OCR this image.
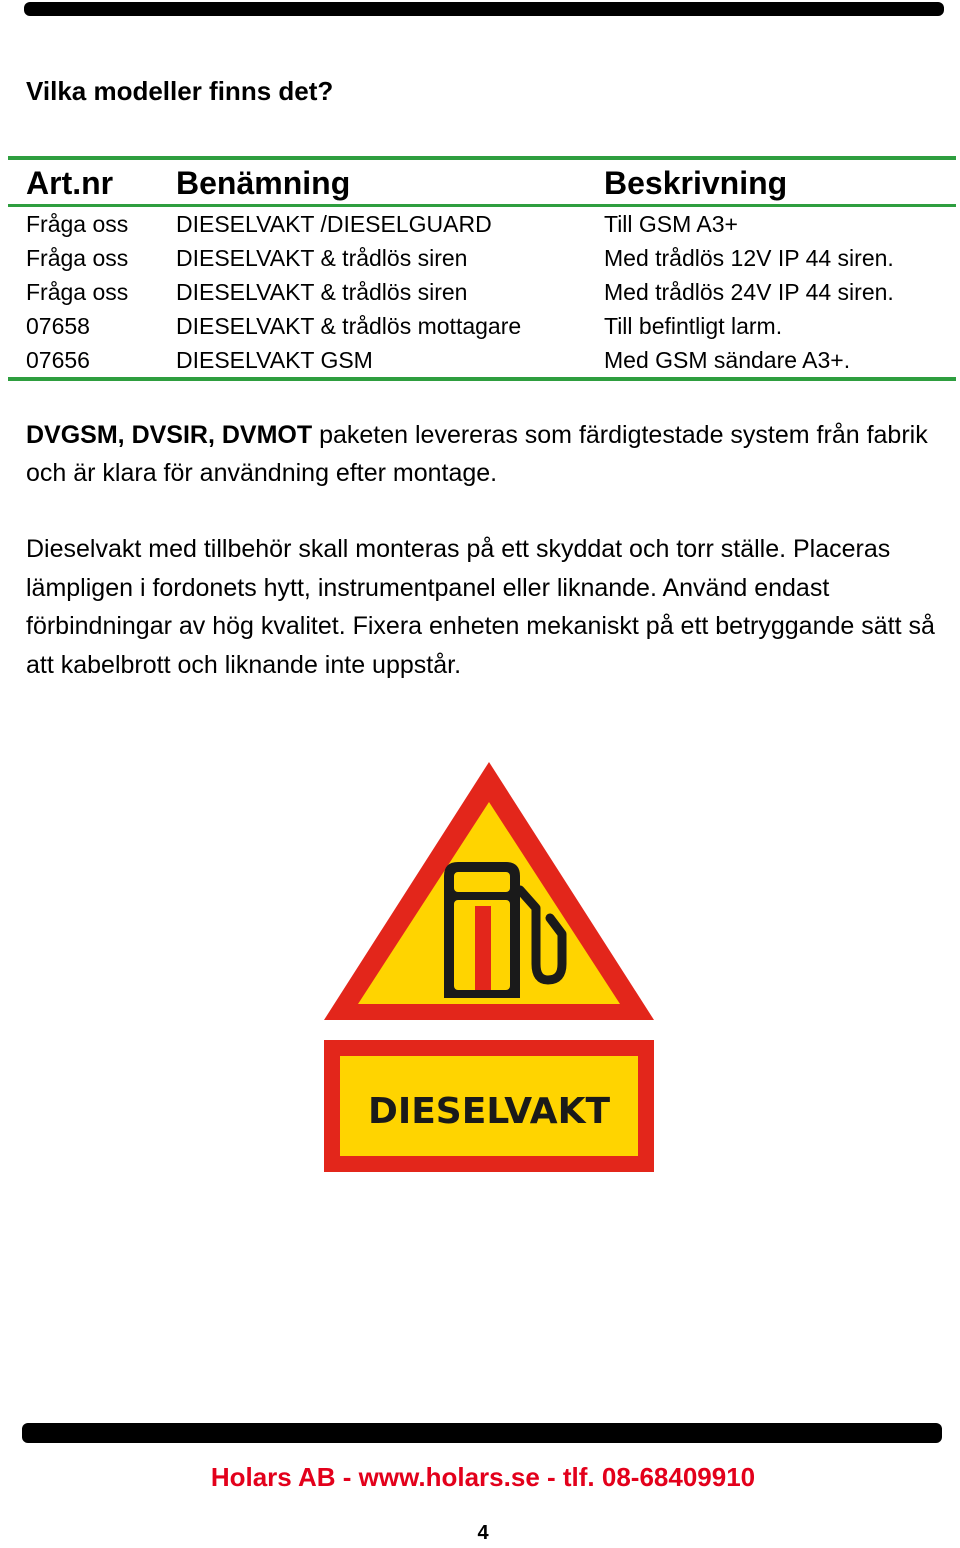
Vilka modeller finns det?
Art.nr	Benämning	Beskrivning
Fråga oss	DIESELVAKT /DIESELGUARD	Till GSM A3+
Fråga oss	DIESELVAKT & trådlös siren	Med trådlös 12V IP 44 siren.
Fråga oss	DIESELVAKT & trådlös siren	Med trådlös 24V IP 44 siren.
07658	DIESELVAKT & trådlös mottagare	Till befintligt larm.
07656	DIESELVAKT GSM	Med GSM sändare A3+.

DVGSM, DVSIR, DVMOT paketen levereras som färdigtestade system från fabrik och är klara för användning efter montage.

Dieselvakt med tillbehör skall monteras på ett skyddat och torr ställe. Placeras lämpligen i fordonets hytt, instrumentpanel eller liknande. Använd endast förbindningar av hög kvalitet. Fixera enheten mekaniskt på ett betryggande sätt så att kabelbrott och liknande inte uppstår.

DIESELVAKT

Holars AB - www.holars.se - tlf. 08-68409910

4
